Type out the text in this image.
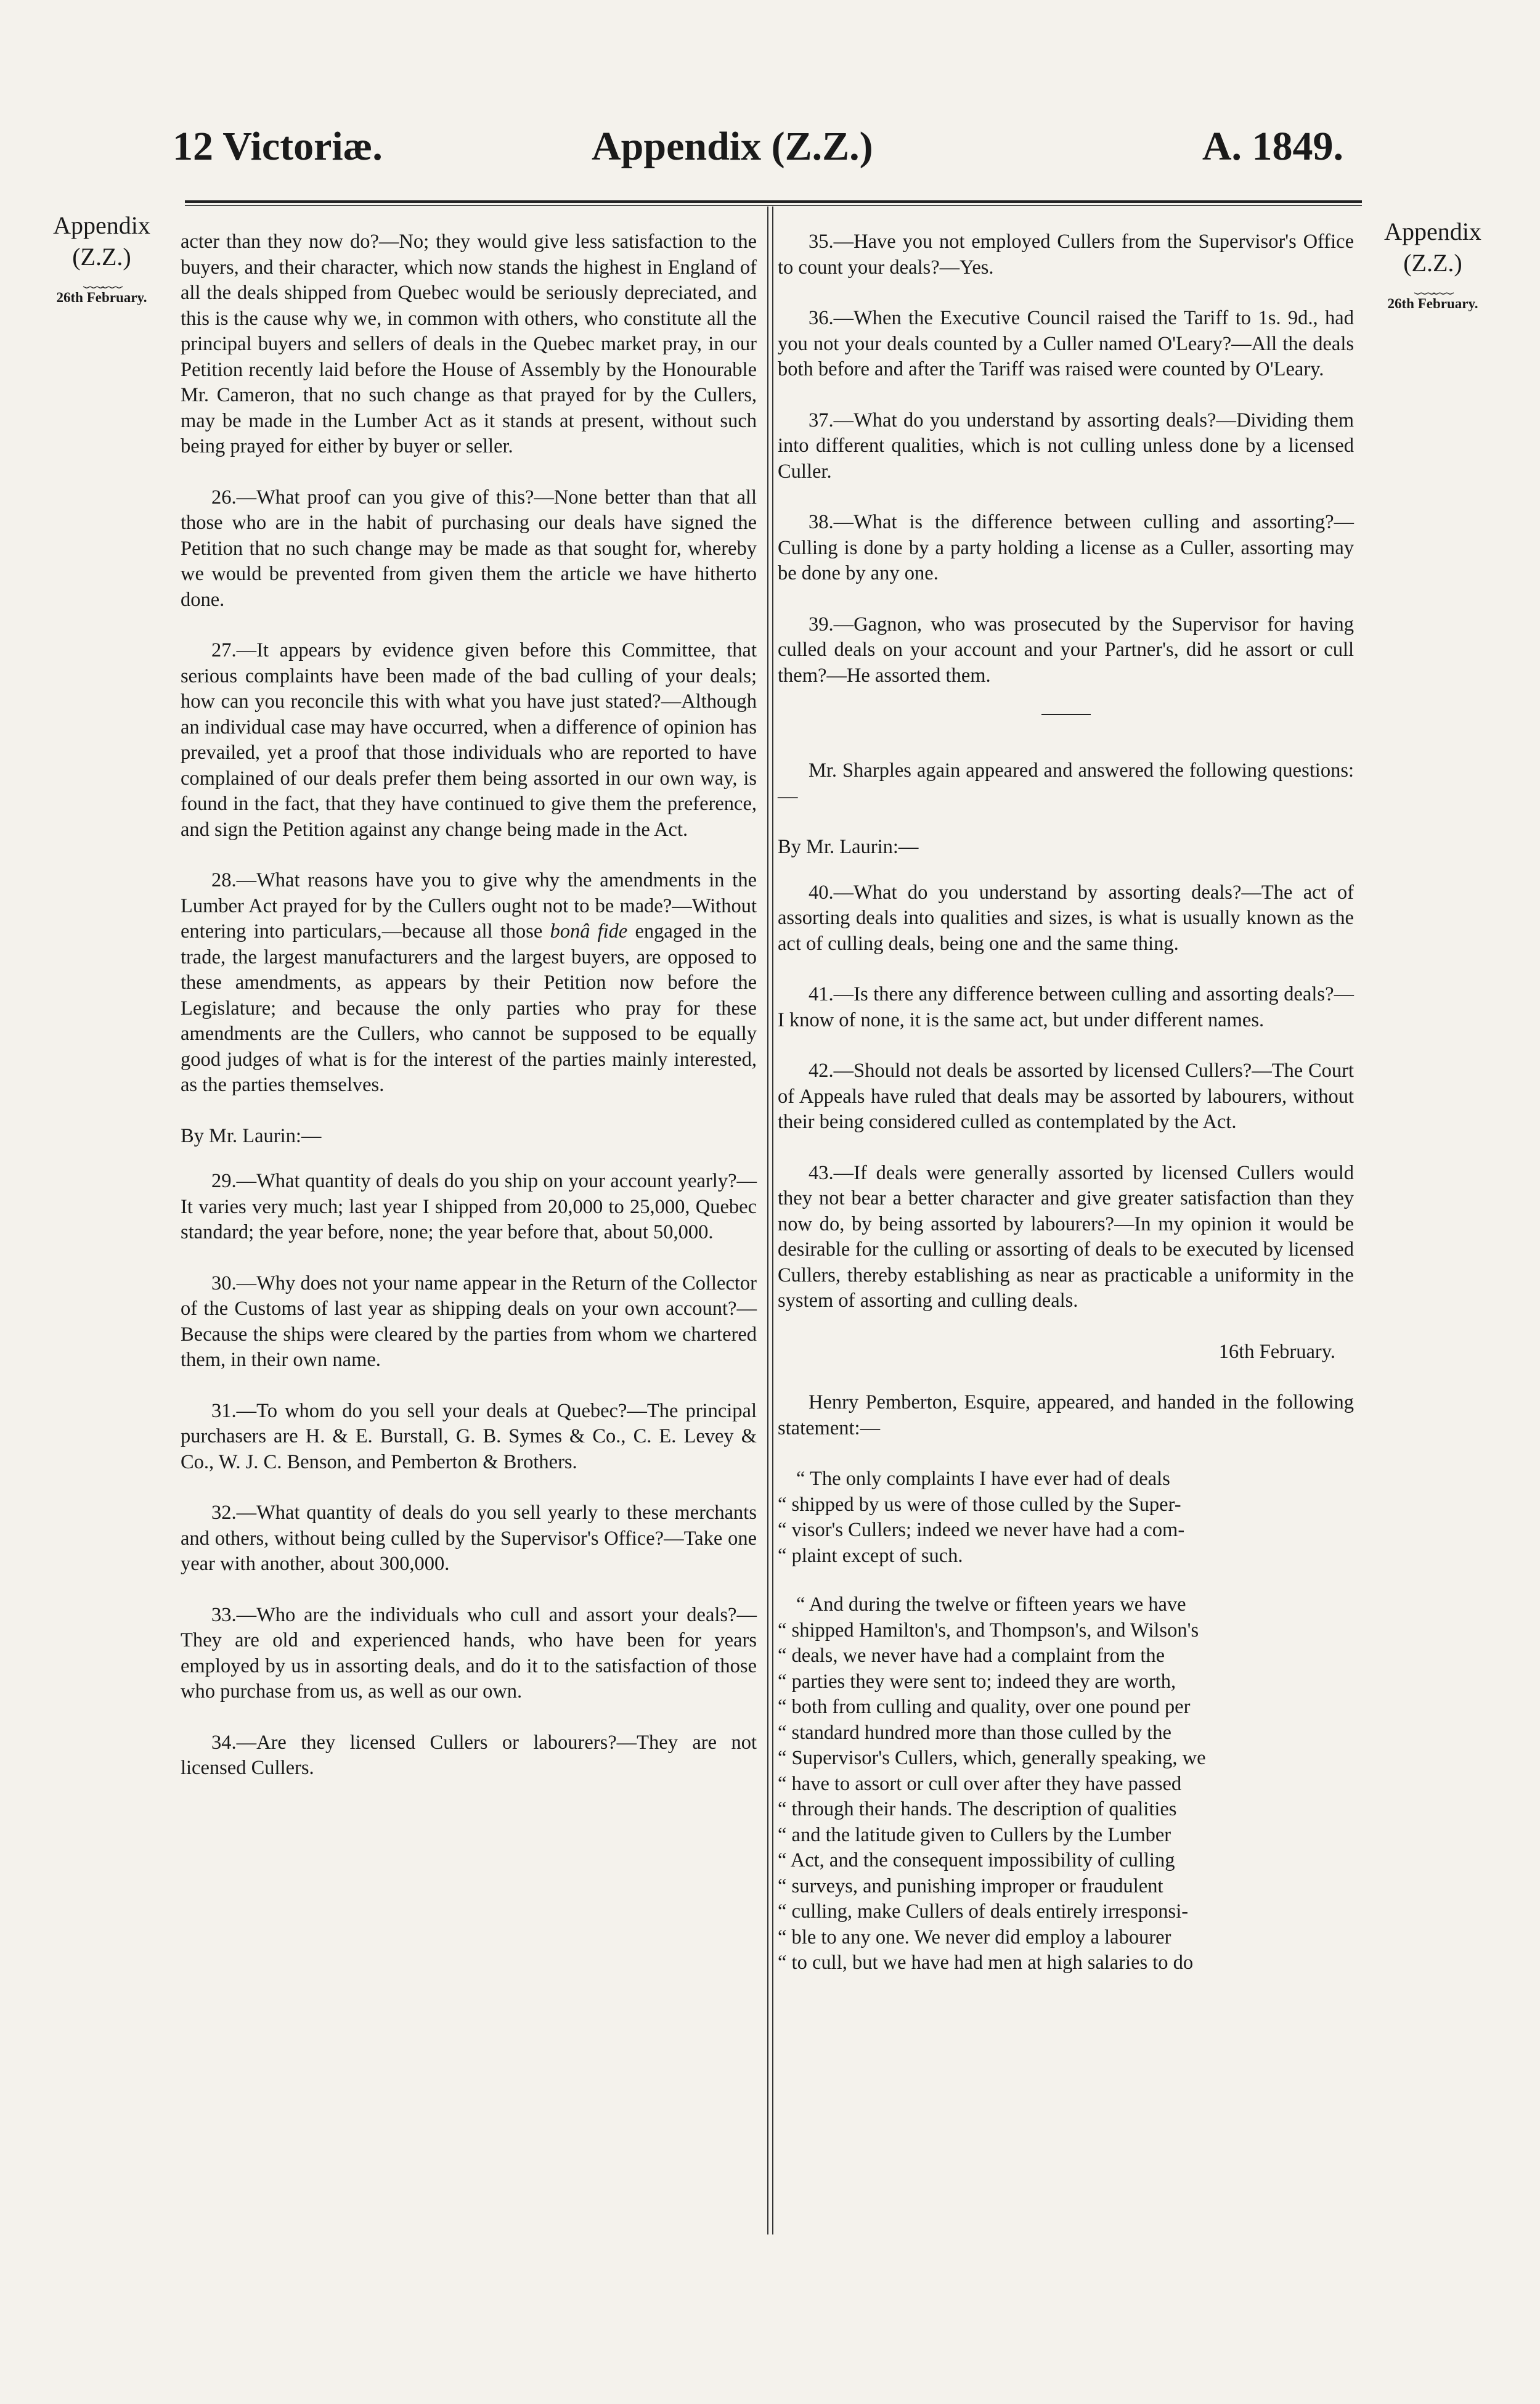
12 Victoriæ.	Appendix (Z.Z.)	A. 1849.
Appendix
(Z.Z.)
﹏﹏
26th February.
Appendix
(Z.Z.)
﹏﹏
26th February.

acter than they now do?—No; they would give less satisfaction to the buyers, and their character, which now stands the highest in England of all the deals shipped from Quebec would be seriously depreciated, and this is the cause why we, in common with others, who constitute all the principal buyers and sellers of deals in the Quebec market pray, in our Petition recently laid before the House of Assembly by the Honourable Mr. Cameron, that no such change as that prayed for by the Cullers, may be made in the Lumber Act as it stands at present, without such being prayed for either by buyer or seller.

26.—What proof can you give of this?—None better than that all those who are in the habit of purchasing our deals have signed the Petition that no such change may be made as that sought for, whereby we would be prevented from given them the article we have hitherto done.

27.—It appears by evidence given before this Committee, that serious complaints have been made of the bad culling of your deals; how can you reconcile this with what you have just stated?—Although an individual case may have occurred, when a difference of opinion has prevailed, yet a proof that those individuals who are reported to have complained of our deals prefer them being assorted in our own way, is found in the fact, that they have continued to give them the preference, and sign the Petition against any change being made in the Act.

28.—What reasons have you to give why the amendments in the Lumber Act prayed for by the Cullers ought not to be made?—Without entering into particulars,—because all those bonâ fide engaged in the trade, the largest manufacturers and the largest buyers, are opposed to these amendments, as appears by their Petition now before the Legislature; and because the only parties who pray for these amendments are the Cullers, who cannot be supposed to be equally good judges of what is for the interest of the parties mainly interested, as the parties themselves.

By Mr. Laurin:—

29.—What quantity of deals do you ship on your account yearly?—It varies very much; last year I shipped from 20,000 to 25,000, Quebec standard; the year before, none; the year before that, about 50,000.

30.—Why does not your name appear in the Return of the Collector of the Customs of last year as shipping deals on your own account?—Because the ships were cleared by the parties from whom we chartered them, in their own name.

31.—To whom do you sell your deals at Quebec?—The principal purchasers are H. & E. Burstall, G. B. Symes & Co., C. E. Levey & Co., W. J. C. Benson, and Pemberton & Brothers.

32.—What quantity of deals do you sell yearly to these merchants and others, without being culled by the Supervisor's Office?—Take one year with another, about 300,000.

33.—Who are the individuals who cull and assort your deals?—They are old and experienced hands, who have been for years employed by us in assorting deals, and do it to the satisfaction of those who purchase from us, as well as our own.

34.—Are they licensed Cullers or labourers?—They are not licensed Cullers.

35.—Have you not employed Cullers from the Supervisor's Office to count your deals?—Yes.

36.—When the Executive Council raised the Tariff to 1s. 9d., had you not your deals counted by a Culler named O'Leary?—All the deals both before and after the Tariff was raised were counted by O'Leary.

37.—What do you understand by assorting deals?—Dividing them into different qualities, which is not culling unless done by a licensed Culler.

38.—What is the difference between culling and assorting?—Culling is done by a party holding a license as a Culler, assorting may be done by any one.

39.—Gagnon, who was prosecuted by the Supervisor for having culled deals on your account and your Partner's, did he assort or cull them?—He assorted them.

Mr. Sharples again appeared and answered the following questions:—

By Mr. Laurin:—

40.—What do you understand by assorting deals?—The act of assorting deals into qualities and sizes, is what is usually known as the act of culling deals, being one and the same thing.

41.—Is there any difference between culling and assorting deals?—I know of none, it is the same act, but under different names.

42.—Should not deals be assorted by licensed Cullers?—The Court of Appeals have ruled that deals may be assorted by labourers, without their being considered culled as contemplated by the Act.

43.—If deals were generally assorted by licensed Cullers would they not bear a better character and give greater satisfaction than they now do, by being assorted by labourers?—In my opinion it would be desirable for the culling or assorting of deals to be executed by licensed Cullers, thereby establishing as near as practicable a uniformity in the system of assorting and culling deals.

16th February.

Henry Pemberton, Esquire, appeared, and handed in the following statement:—

“ The only complaints I have ever had of deals
“ shipped by us were of those culled by the Super-
“ visor's Cullers; indeed we never have had a com-
“ plaint except of such.
“ And during the twelve or fifteen years we have
“ shipped Hamilton's, and Thompson's, and Wilson's
“ deals, we never have had a complaint from the
“ parties they were sent to; indeed they are worth,
“ both from culling and quality, over one pound per
“ standard hundred more than those culled by the
“ Supervisor's Cullers, which, generally speaking, we
“ have to assort or cull over after they have passed
“ through their hands. The description of qualities
“ and the latitude given to Cullers by the Lumber
“ Act, and the consequent impossibility of culling
“ surveys, and punishing improper or fraudulent
“ culling, make Cullers of deals entirely irresponsi-
“ ble to any one. We never did employ a labourer
“ to cull, but we have had men at high salaries to do
